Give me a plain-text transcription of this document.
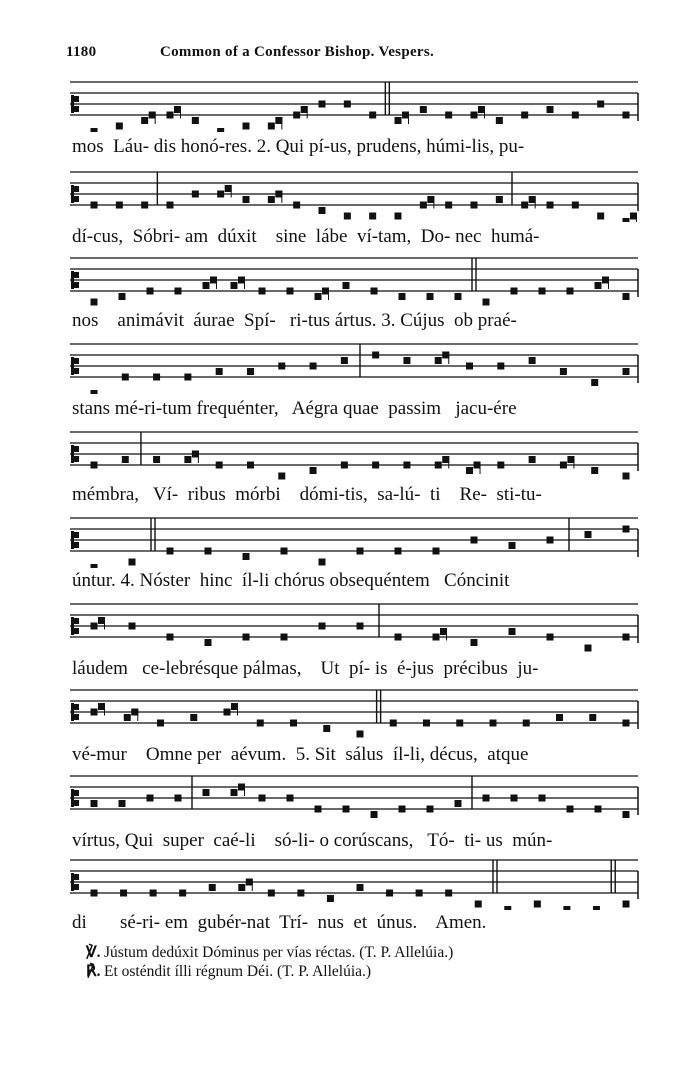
1180	Common of a Confessor Bishop. Vespers.
mos  Láu- dis honó-res. 2. Qui pí-us, prudens, húmi-lis, pu-
dí-cus,  Sóbri- am  dúxit    sine  lábe  ví-tam,  Do- nec  humá-
nos    animávit  áurae  Spí-   ri-tus ártus. 3. Cújus  ob praé-
stans mé-ri-tum frequénter,   Aégra quae  passim   jacu-ére
mémbra,   Ví-  ribus  mórbi    dómi-tis,  sa-lú-  ti    Re-  sti-tu-
úntur. 4. Nóster  hinc  íl-li chórus obsequéntem   Cóncinit
láudem   ce-lebrésque pálmas,    Ut  pí- is  é-jus  précibus  ju-
vé-mur    Omne per  aévum.  5. Sit  sálus  íl-li, décus,  atque
vírtus, Qui  super  caé-li    só-li- o corúscans,   Tó-  ti- us  mún-
di       sé-ri- em  gubér-nat  Trí-  nus  et  únus.    Amen.
℣. Jústum dedúxit Dóminus per vías réctas. (T. P. Allelúia.)
℟. Et osténdit ílli régnum Déi. (T. P. Allelúia.)
